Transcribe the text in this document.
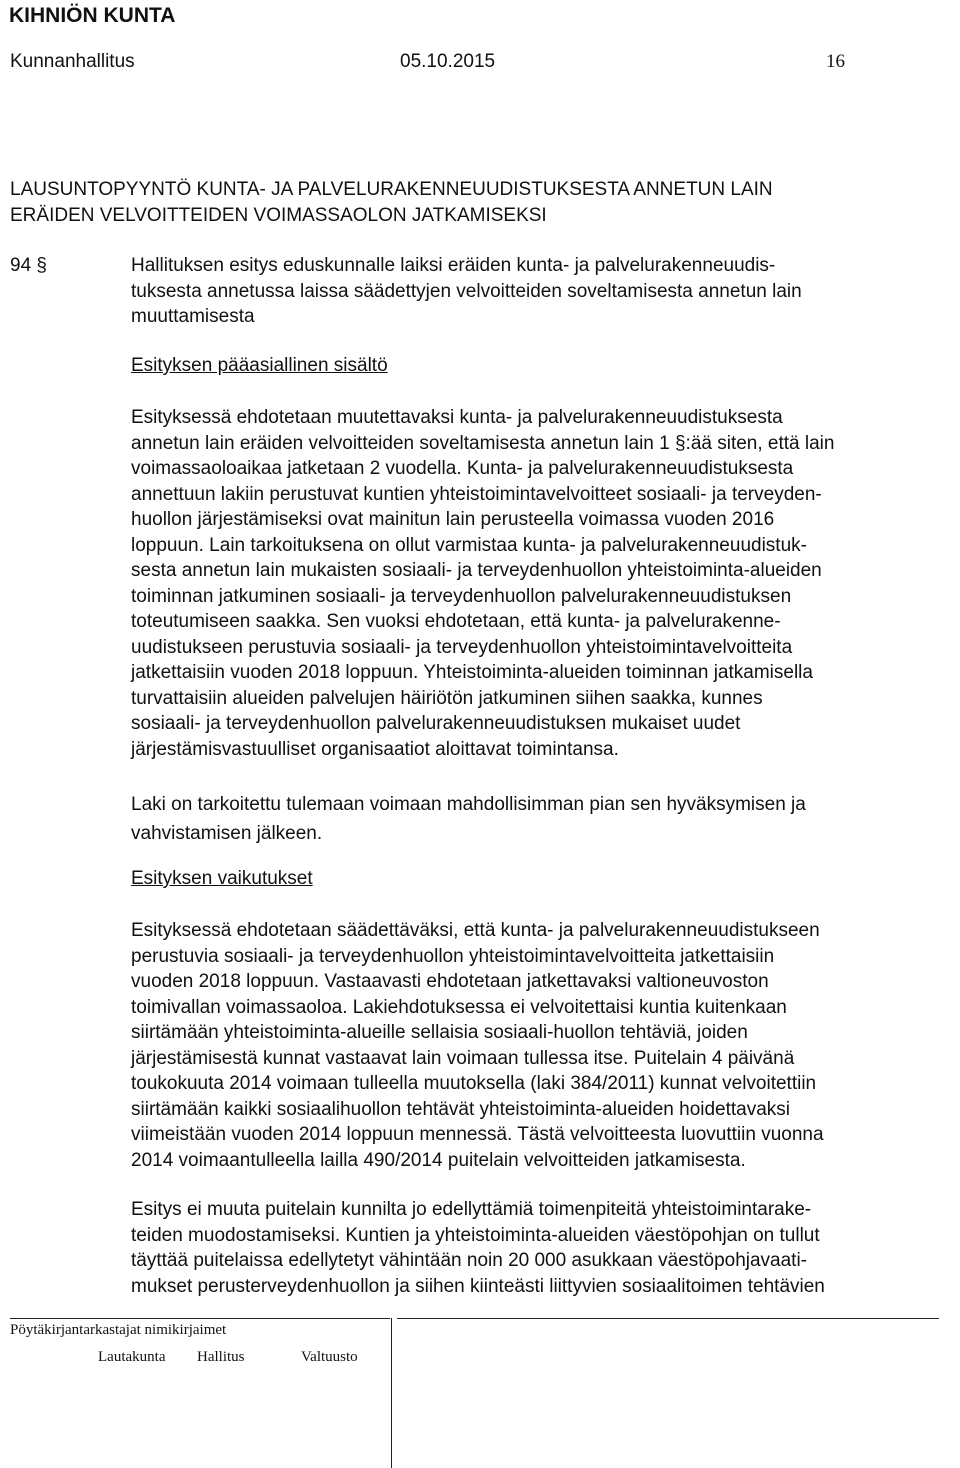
KIHNIÖN KUNTA
Kunnanhallitus	05.10.2015	16
LAUSUNTOPYYNTÖ KUNTA- JA PALVELURAKENNEUUDISTUKSESTA ANNETUN LAIN
ERÄIDEN VELVOITTEIDEN VOIMASSAOLON JATKAMISEKSI
94 §	Hallituksen esitys eduskunnalle laiksi eräiden kunta- ja palvelurakenneuudis-
tuksesta annetussa laissa säädettyjen velvoitteiden soveltamisesta annetun lain
muuttamisesta
Esityksen pääasiallinen sisältö
Esityksessä ehdotetaan muutettavaksi kunta- ja palvelurakenneuudistuksesta
annetun lain eräiden velvoitteiden soveltamisesta annetun lain 1 §:ää siten, että lain
voimassaoloaikaa jatketaan 2 vuodella. Kunta- ja palvelurakenneuudistuksesta
annettuun lakiin perustuvat kuntien yhteistoimintavelvoitteet sosiaali- ja terveyden-
huollon järjestämiseksi ovat mainitun lain perusteella voimassa vuoden 2016
loppuun. Lain tarkoituksena on ollut varmistaa kunta- ja palvelurakenneuudistuk-
sesta annetun lain mukaisten sosiaali- ja terveydenhuollon yhteistoiminta-alueiden
toiminnan jatkuminen sosiaali- ja terveydenhuollon palvelurakenneuudistuksen
toteutumiseen saakka. Sen vuoksi ehdotetaan, että kunta- ja palvelurakenne-
uudistukseen perustuvia sosiaali- ja terveydenhuollon yhteistoimintavelvoitteita
jatkettaisiin vuoden 2018 loppuun. Yhteistoiminta-alueiden toiminnan jatkamisella
turvattaisiin alueiden palvelujen häiriötön jatkuminen siihen saakka, kunnes
sosiaali- ja terveydenhuollon palvelurakenneuudistuksen mukaiset uudet
järjestämisvastuulliset organisaatiot aloittavat toimintansa.
Laki on tarkoitettu tulemaan voimaan mahdollisimman pian sen hyväksymisen ja
vahvistamisen jälkeen.
Esityksen vaikutukset
Esityksessä ehdotetaan säädettäväksi, että kunta- ja palvelurakenneuudistukseen
perustuvia sosiaali- ja terveydenhuollon yhteistoimintavelvoitteita jatkettaisiin
vuoden 2018 loppuun. Vastaavasti ehdotetaan jatkettavaksi valtioneuvoston
toimivallan voimassaoloa. Lakiehdotuksessa ei velvoitettaisi kuntia kuitenkaan
siirtämään yhteistoiminta-alueille sellaisia sosiaali-huollon tehtäviä, joiden
järjestämisestä kunnat vastaavat lain voimaan tullessa itse. Puitelain 4 päivänä
toukokuuta 2014 voimaan tulleella muutoksella (laki 384/2011) kunnat velvoitettiin
siirtämään kaikki sosiaalihuollon tehtävät yhteistoiminta-alueiden hoidettavaksi
viimeistään vuoden 2014 loppuun mennessä. Tästä velvoitteesta luovuttiin vuonna
2014 voimaantulleella lailla 490/2014 puitelain velvoitteiden jatkamisesta.
Esitys ei muuta puitelain kunnilta jo edellyttämiä toimenpiteitä yhteistoimintarake-
teiden muodostamiseksi. Kuntien ja yhteistoiminta-alueiden väestöpohjan on tullut
täyttää puitelaissa edellytetyt vähintään noin 20 000 asukkaan väestöpohjavaati-
mukset perusterveydenhuollon ja siihen kiinteästi liittyvien sosiaalitoimen tehtävien
Pöytäkirjantarkastajat nimikirjaimet
Lautakunta Hallitus	Valtuusto
